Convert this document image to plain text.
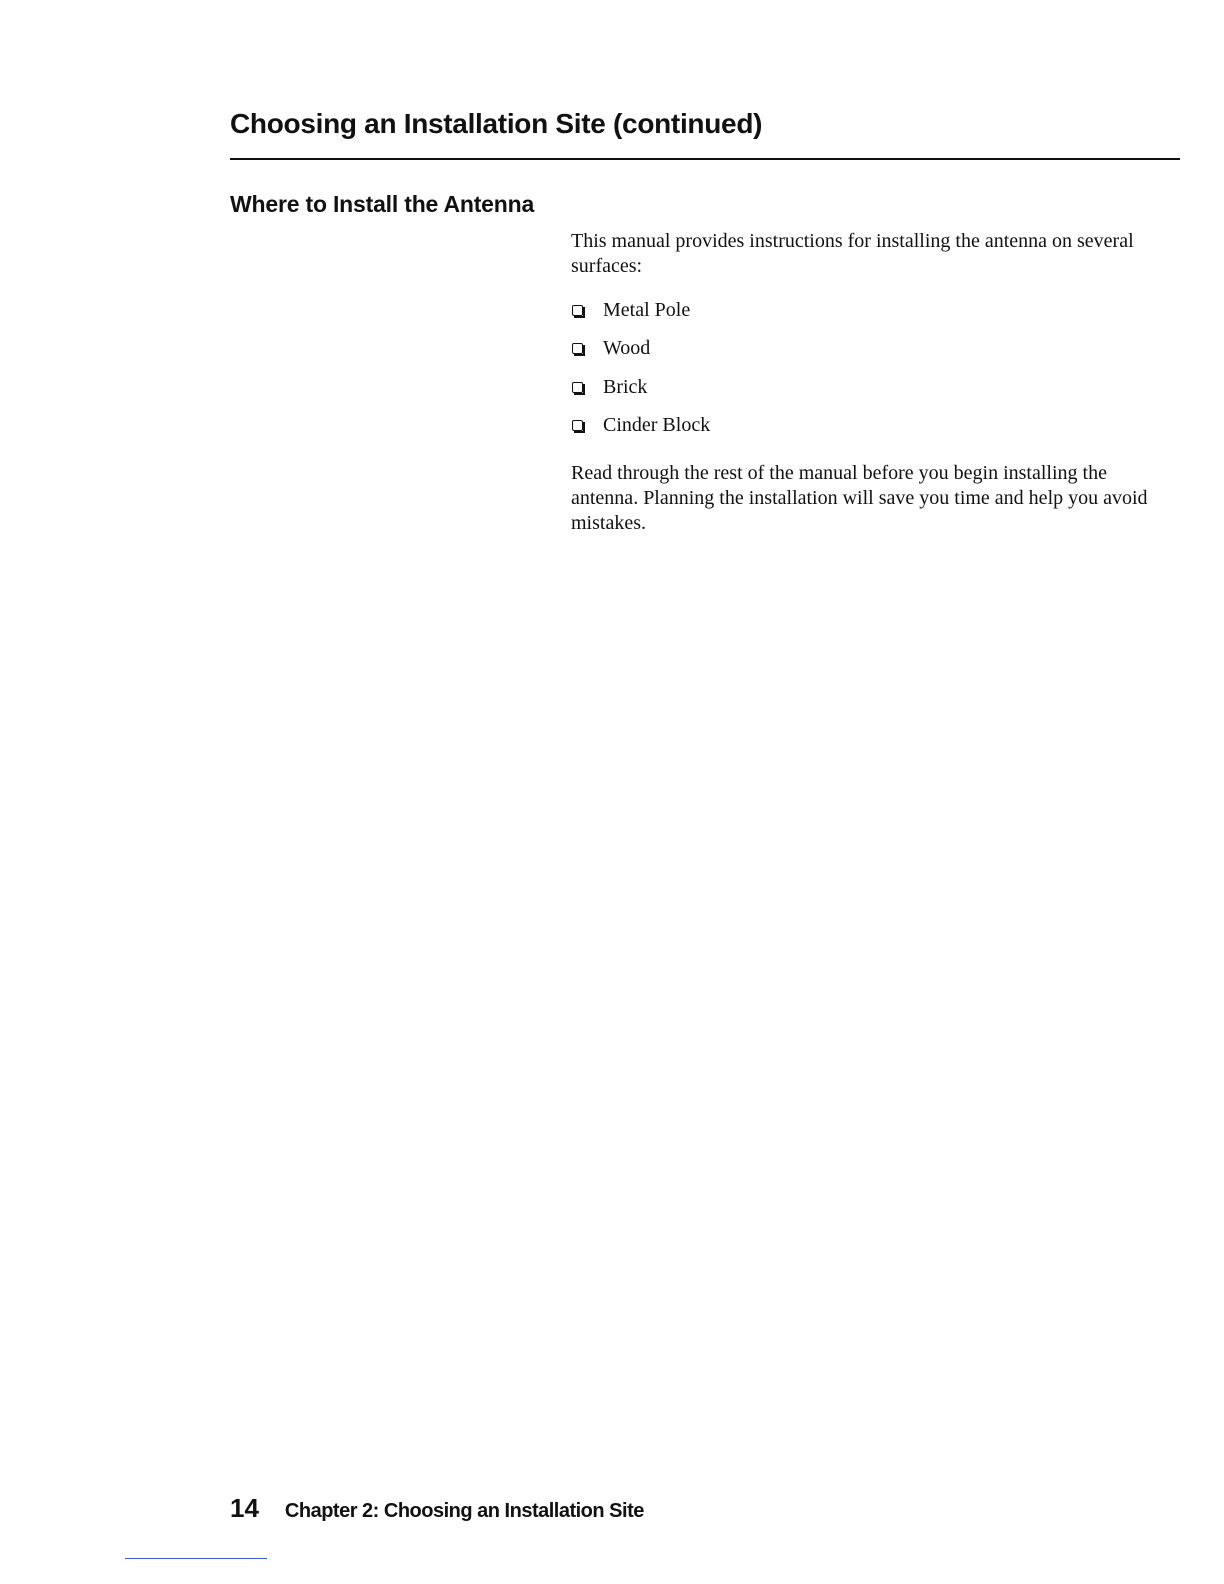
Choosing an Installation Site (continued)
Where to Install the Antenna

This manual provides instructions for installing the antenna on several surfaces:

Metal Pole
Wood
Brick
Cinder Block

Read through the rest of the manual before you begin installing the antenna. Planning the installation will save you time and help you avoid mistakes.

14 Chapter 2: Choosing an Installation Site
